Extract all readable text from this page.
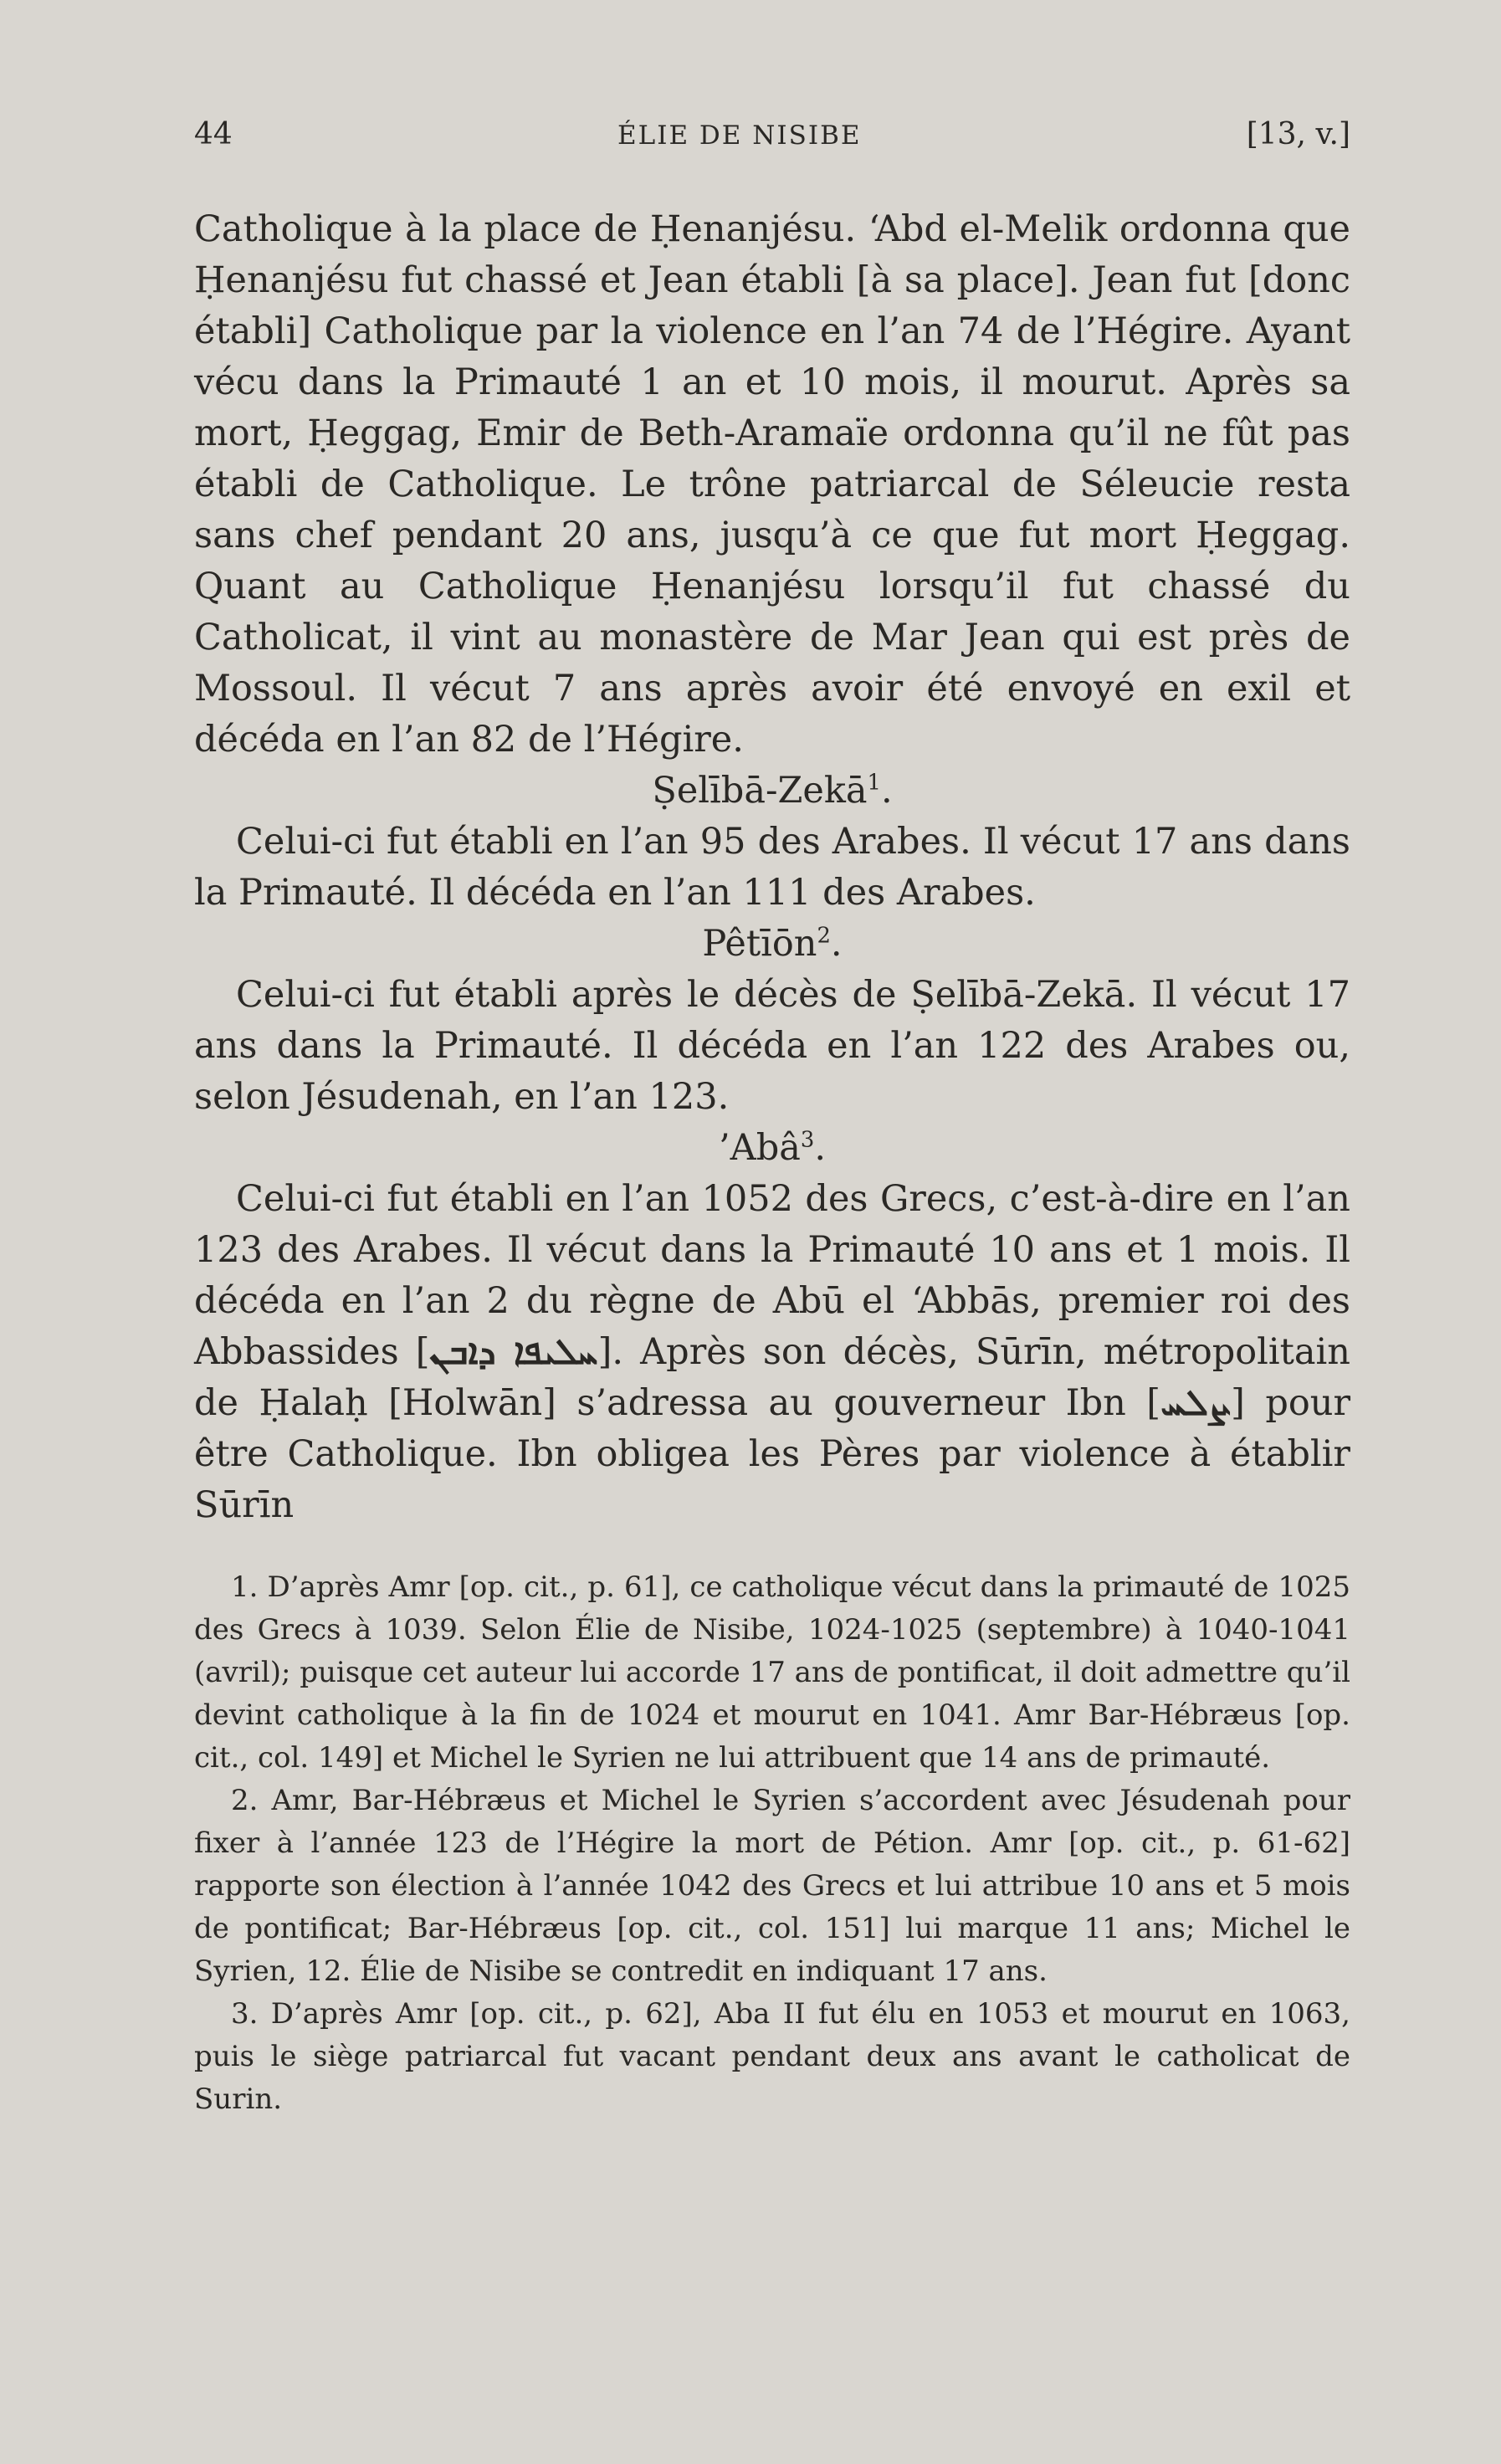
44	ÉLIE DE NISIBE	[13, v.]

Catholique à la place de Ḥenanjésu. ‘Abd el-Melik ordonna que Ḥenanjésu fut chassé et Jean établi [à sa place]. Jean fut [donc établi] Catholique par la violence en l’an 74 de l’Hégire. Ayant vécu dans la Primauté 1 an et 10 mois, il mourut. Après sa mort, Ḥeggag, Emir de Beth-Aramaïe ordonna qu’il ne fût pas établi de Catholique. Le trône patriarcal de Séleucie resta sans chef pendant 20 ans, jusqu’à ce que fut mort Ḥeggag. Quant au Catholique Ḥenanjésu lorsqu’il fut chassé du Catholicat, il vint au monastère de Mar Jean qui est près de Mossoul. Il vécut 7 ans après avoir été envoyé en exil et décéda en l’an 82 de l’Hégire.

Ṣelībā-Zekā$^1$.

Celui-ci fut établi en l’an 95 des Arabes. Il vécut 17 ans dans la Primauté. Il décéda en l’an 111 des Arabes.

Pêtīōn$^2$.

Celui-ci fut établi après le décès de Ṣelībā-Zekā. Il vécut 17 ans dans la Primauté. Il décéda en l’an 122 des Arabes ou, selon Jésudenah, en l’an 123.

’Abâ$^3$.

Celui-ci fut établi en l’an 1052 des Grecs, c’est-à-dire en l’an 123 des Arabes. Il vécut dans la Primauté 10 ans et 1 mois. Il décéda en l’an 2 du règne de Abū el ‘Abbās, premier roi des Abbassides [ܚܠܝܦܐ ܕܐܒܢ]. Après son décès, Sūrīn, métropolitain de Ḥalaḥ [Holwān] s’adressa au gouverneur Ibn [ܨܠܚ] pour être Catholique. Ibn obligea les Pères par violence à établir Sūrīn

1. D’après Amr [op. cit., p. 61], ce catholique vécut dans la primauté de 1025 des Grecs à 1039. Selon Élie de Nisibe, 1024-1025 (septembre) à 1040-1041 (avril); puisque cet auteur lui accorde 17 ans de pontificat, il doit admettre qu’il devint catholique à la fin de 1024 et mourut en 1041. Amr Bar-Hébræus [op. cit., col. 149] et Michel le Syrien ne lui attribuent que 14 ans de primauté.

2. Amr, Bar-Hébræus et Michel le Syrien s’accordent avec Jésudenah pour fixer à l’année 123 de l’Hégire la mort de Pétion. Amr [op. cit., p. 61-62] rapporte son élection à l’année 1042 des Grecs et lui attribue 10 ans et 5 mois de pontificat; Bar-Hébræus [op. cit., col. 151] lui marque 11 ans; Michel le Syrien, 12. Élie de Nisibe se contredit en indiquant 17 ans.

3. D’après Amr [op. cit., p. 62], Aba II fut élu en 1053 et mourut en 1063, puis le siège patriarcal fut vacant pendant deux ans avant le catholicat de Surin.
